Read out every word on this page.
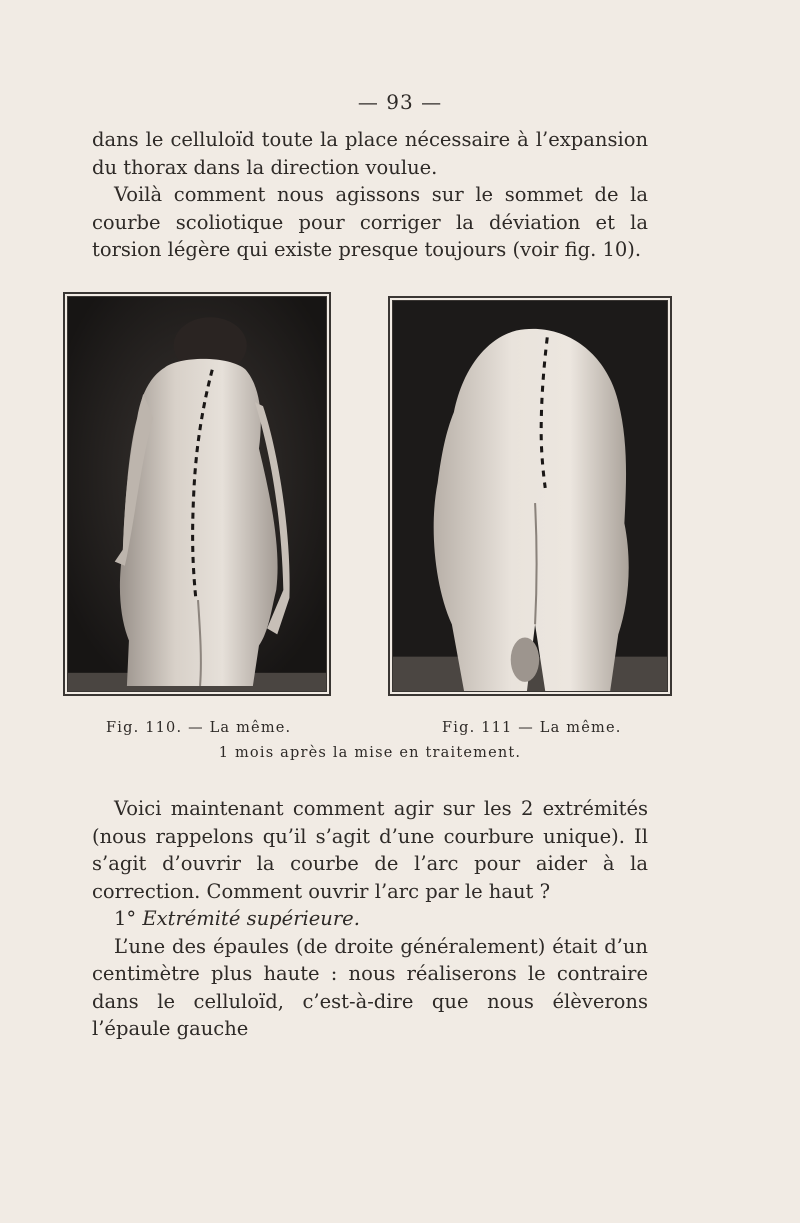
— 93 —

dans le celluloïd toute la place nécessaire à l’expansion du thorax dans la direction voulue.

Voilà comment nous agissons sur le sommet de la courbe scoliotique pour corriger la déviation et la torsion légère qui existe presque toujours (voir fig. 10).

Fig. 110. — La même.	Fig. 111 — La même.
1 mois après la mise en traitement.

Voici maintenant comment agir sur les 2 extrémités (nous rappelons qu’il s’agit d’une courbure unique). Il s’agit d’ouvrir la courbe de l’arc pour aider à la correction. Comment ouvrir l’arc par le haut ?

1° Extrémité supérieure.

L’une des épaules (de droite généralement) était d’un centimètre plus haute : nous réaliserons le contraire dans le celluloïd, c’est-à-dire que nous élèverons l’épaule gauche
